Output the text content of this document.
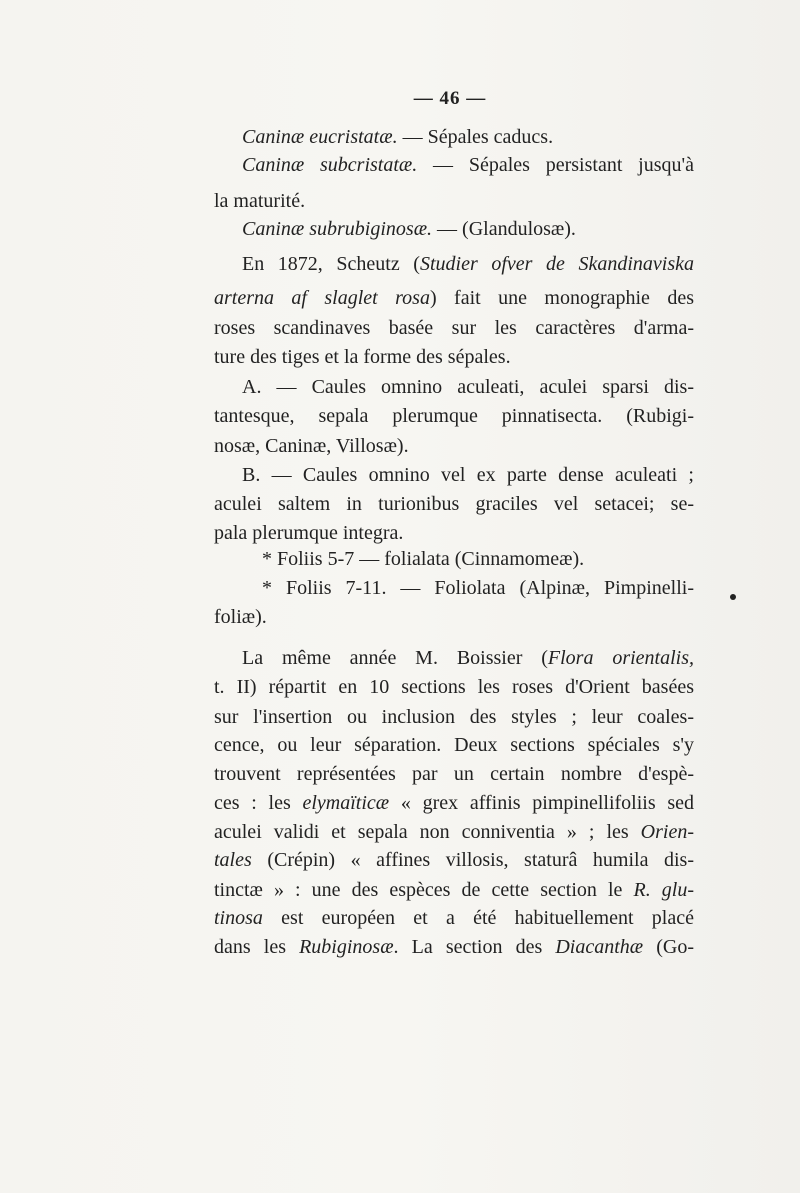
— 46 —
Caninæ eucristatæ. — Sépales caducs.
Caninæ subcristatæ. — Sépales persistant jusqu'à
la maturité.
Caninæ subrubiginosæ. — (Glandulosæ).
En 1872, Scheutz (Studier ofver de Skandinaviska
arterna af slaglet rosa) fait une monographie des
roses scandinaves basée sur les caractères d'arma-
ture des tiges et la forme des sépales.
A. — Caules omnino aculeati, aculei sparsi dis-
tantesque, sepala plerumque pinnatisecta. (Rubigi-
nosæ, Caninæ, Villosæ).
B. — Caules omnino vel ex parte dense aculeati ;
aculei saltem in turionibus graciles vel setacei; se-
pala plerumque integra.
* Foliis 5-7 — folialata (Cinnamomeæ).
* Foliis 7-11. — Foliolata (Alpinæ, Pimpinelli-
foliæ).
La même année M. Boissier (Flora orientalis,
t. II) répartit en 10 sections les roses d'Orient basées
sur l'insertion ou inclusion des styles ; leur coales-
cence, ou leur séparation. Deux sections spéciales s'y
trouvent représentées par un certain nombre d'espè-
ces : les elymaïticæ « grex affinis pimpinellifoliis sed
aculei validi et sepala non conniventia » ; les Orien-
tales (Crépin) « affines villosis, staturâ humila dis-
tinctæ » : une des espèces de cette section le R. glu-
tinosa est européen et a été habituellement placé
dans les Rubiginosæ. La section des Diacanthæ (Go-
